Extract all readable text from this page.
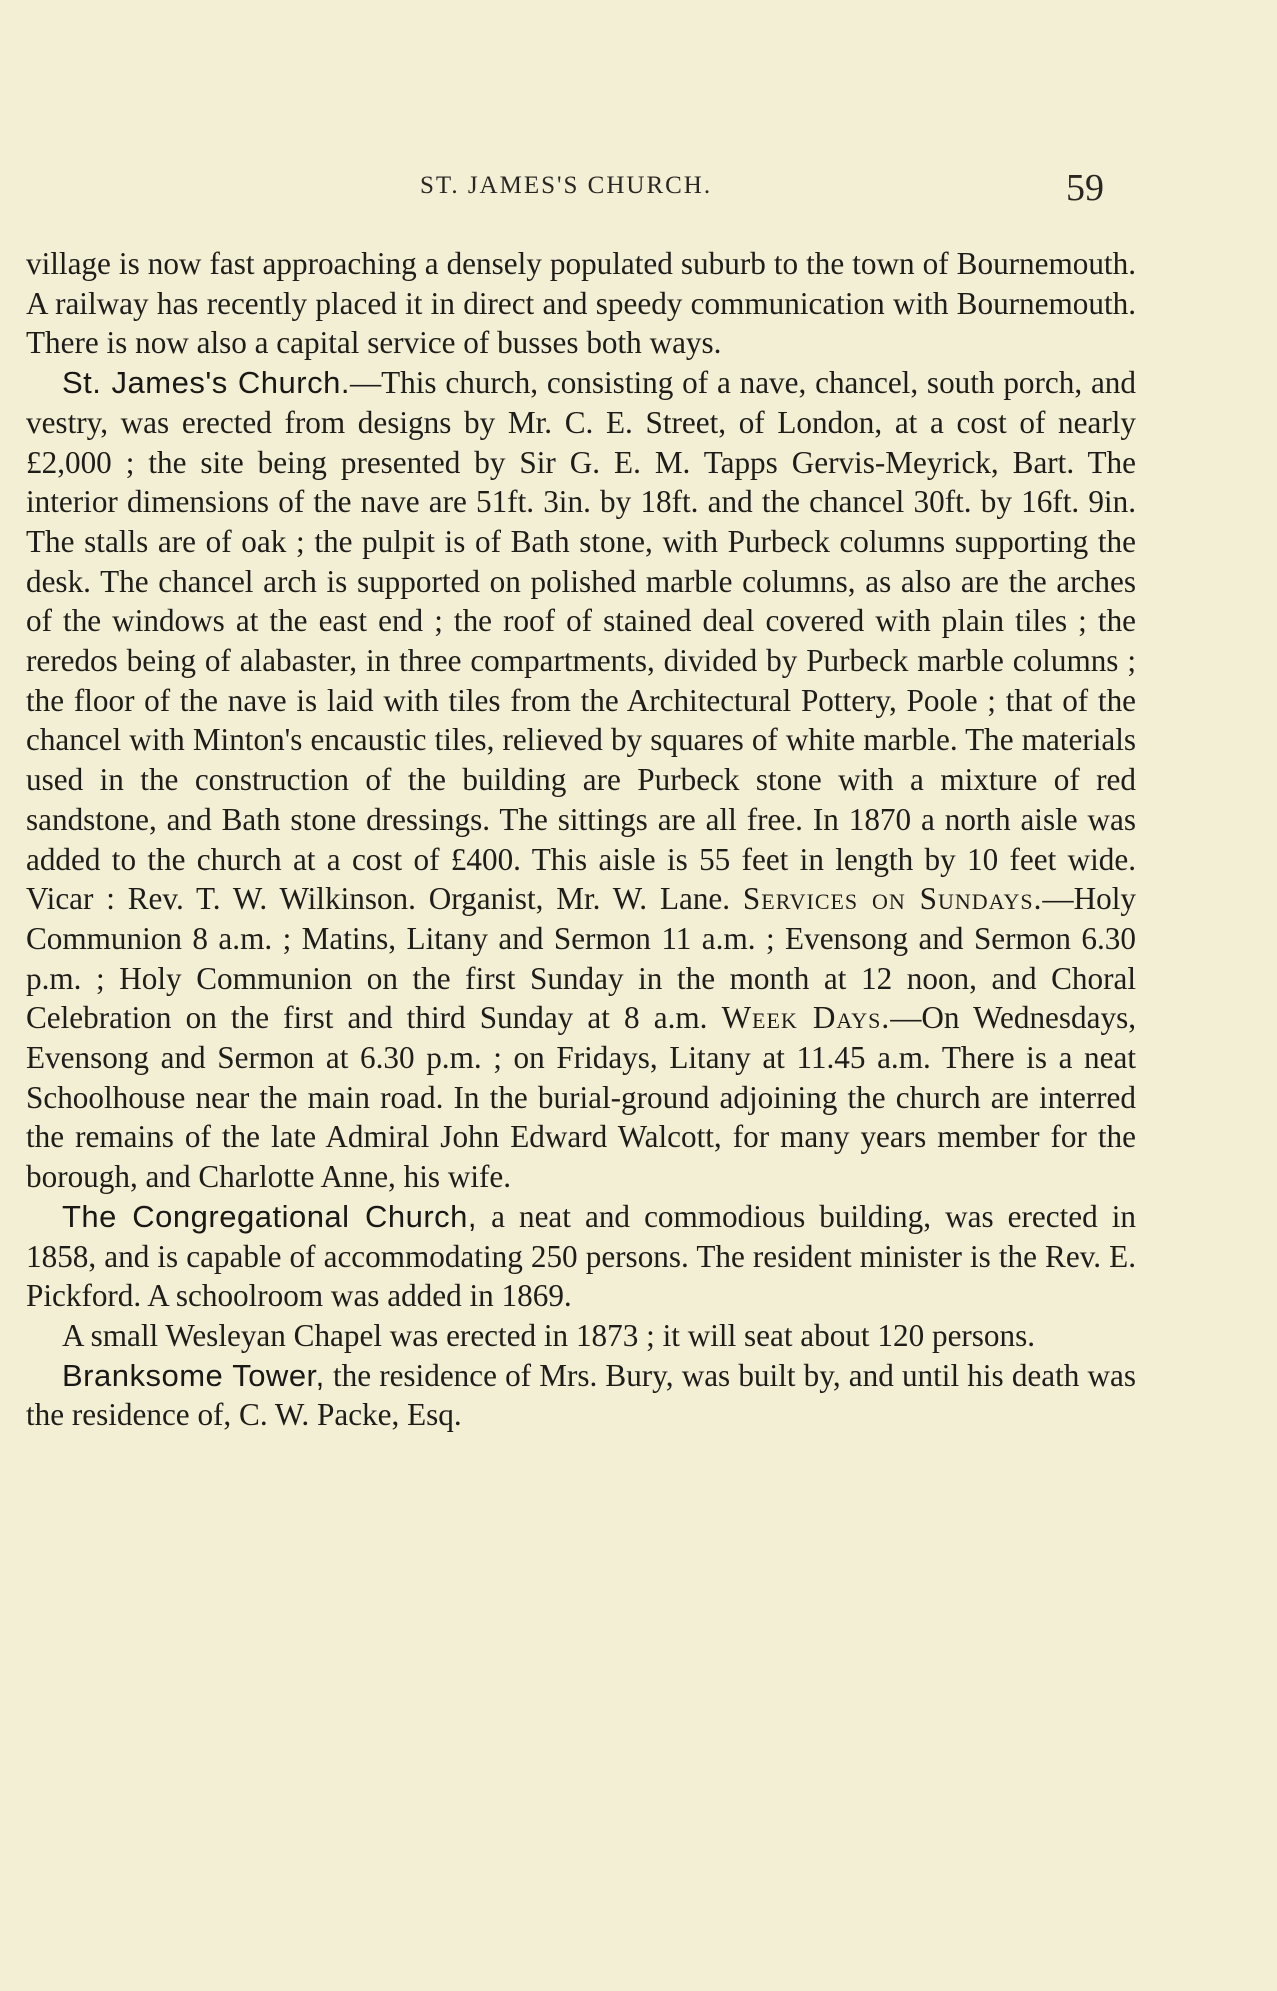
ST. JAMES'S CHURCH.	59

village is now fast approaching a densely populated suburb to the town of Bournemouth. A railway has recently placed it in direct and speedy communication with Bournemouth. There is now also a capital service of busses both ways.

St. James's Church.—This church, consisting of a nave, chancel, south porch, and vestry, was erected from designs by Mr. C. E. Street, of London, at a cost of nearly £2,000 ; the site being presented by Sir G. E. M. Tapps Gervis-Meyrick, Bart. The interior dimensions of the nave are 51ft. 3in. by 18ft. and the chancel 30ft. by 16ft. 9in. The stalls are of oak ; the pulpit is of Bath stone, with Purbeck columns supporting the desk. The chancel arch is supported on polished marble columns, as also are the arches of the windows at the east end ; the roof of stained deal covered with plain tiles ; the reredos being of alabaster, in three compartments, divided by Purbeck marble columns ; the floor of the nave is laid with tiles from the Architectural Pottery, Poole ; that of the chancel with Minton's encaustic tiles, relieved by squares of white marble. The materials used in the construction of the building are Purbeck stone with a mixture of red sandstone, and Bath stone dressings. The sittings are all free. In 1870 a north aisle was added to the church at a cost of £400. This aisle is 55 feet in length by 10 feet wide. Vicar : Rev. T. W. Wilkinson. Organist, Mr. W. Lane. Services on Sundays.—Holy Communion 8 a.m. ; Matins, Litany and Sermon 11 a.m. ; Evensong and Sermon 6.30 p.m. ; Holy Communion on the first Sunday in the month at 12 noon, and Choral Celebration on the first and third Sunday at 8 a.m. Week Days.—On Wednesdays, Evensong and Sermon at 6.30 p.m. ; on Fridays, Litany at 11.45 a.m. There is a neat Schoolhouse near the main road. In the burial-ground adjoining the church are interred the remains of the late Admiral John Edward Walcott, for many years member for the borough, and Charlotte Anne, his wife.

The Congregational Church, a neat and commodious building, was erected in 1858, and is capable of accommodating 250 persons. The resident minister is the Rev. E. Pickford. A schoolroom was added in 1869.

A small Wesleyan Chapel was erected in 1873 ; it will seat about 120 persons.

Branksome Tower, the residence of Mrs. Bury, was built by, and until his death was the residence of, C. W. Packe, Esq.
